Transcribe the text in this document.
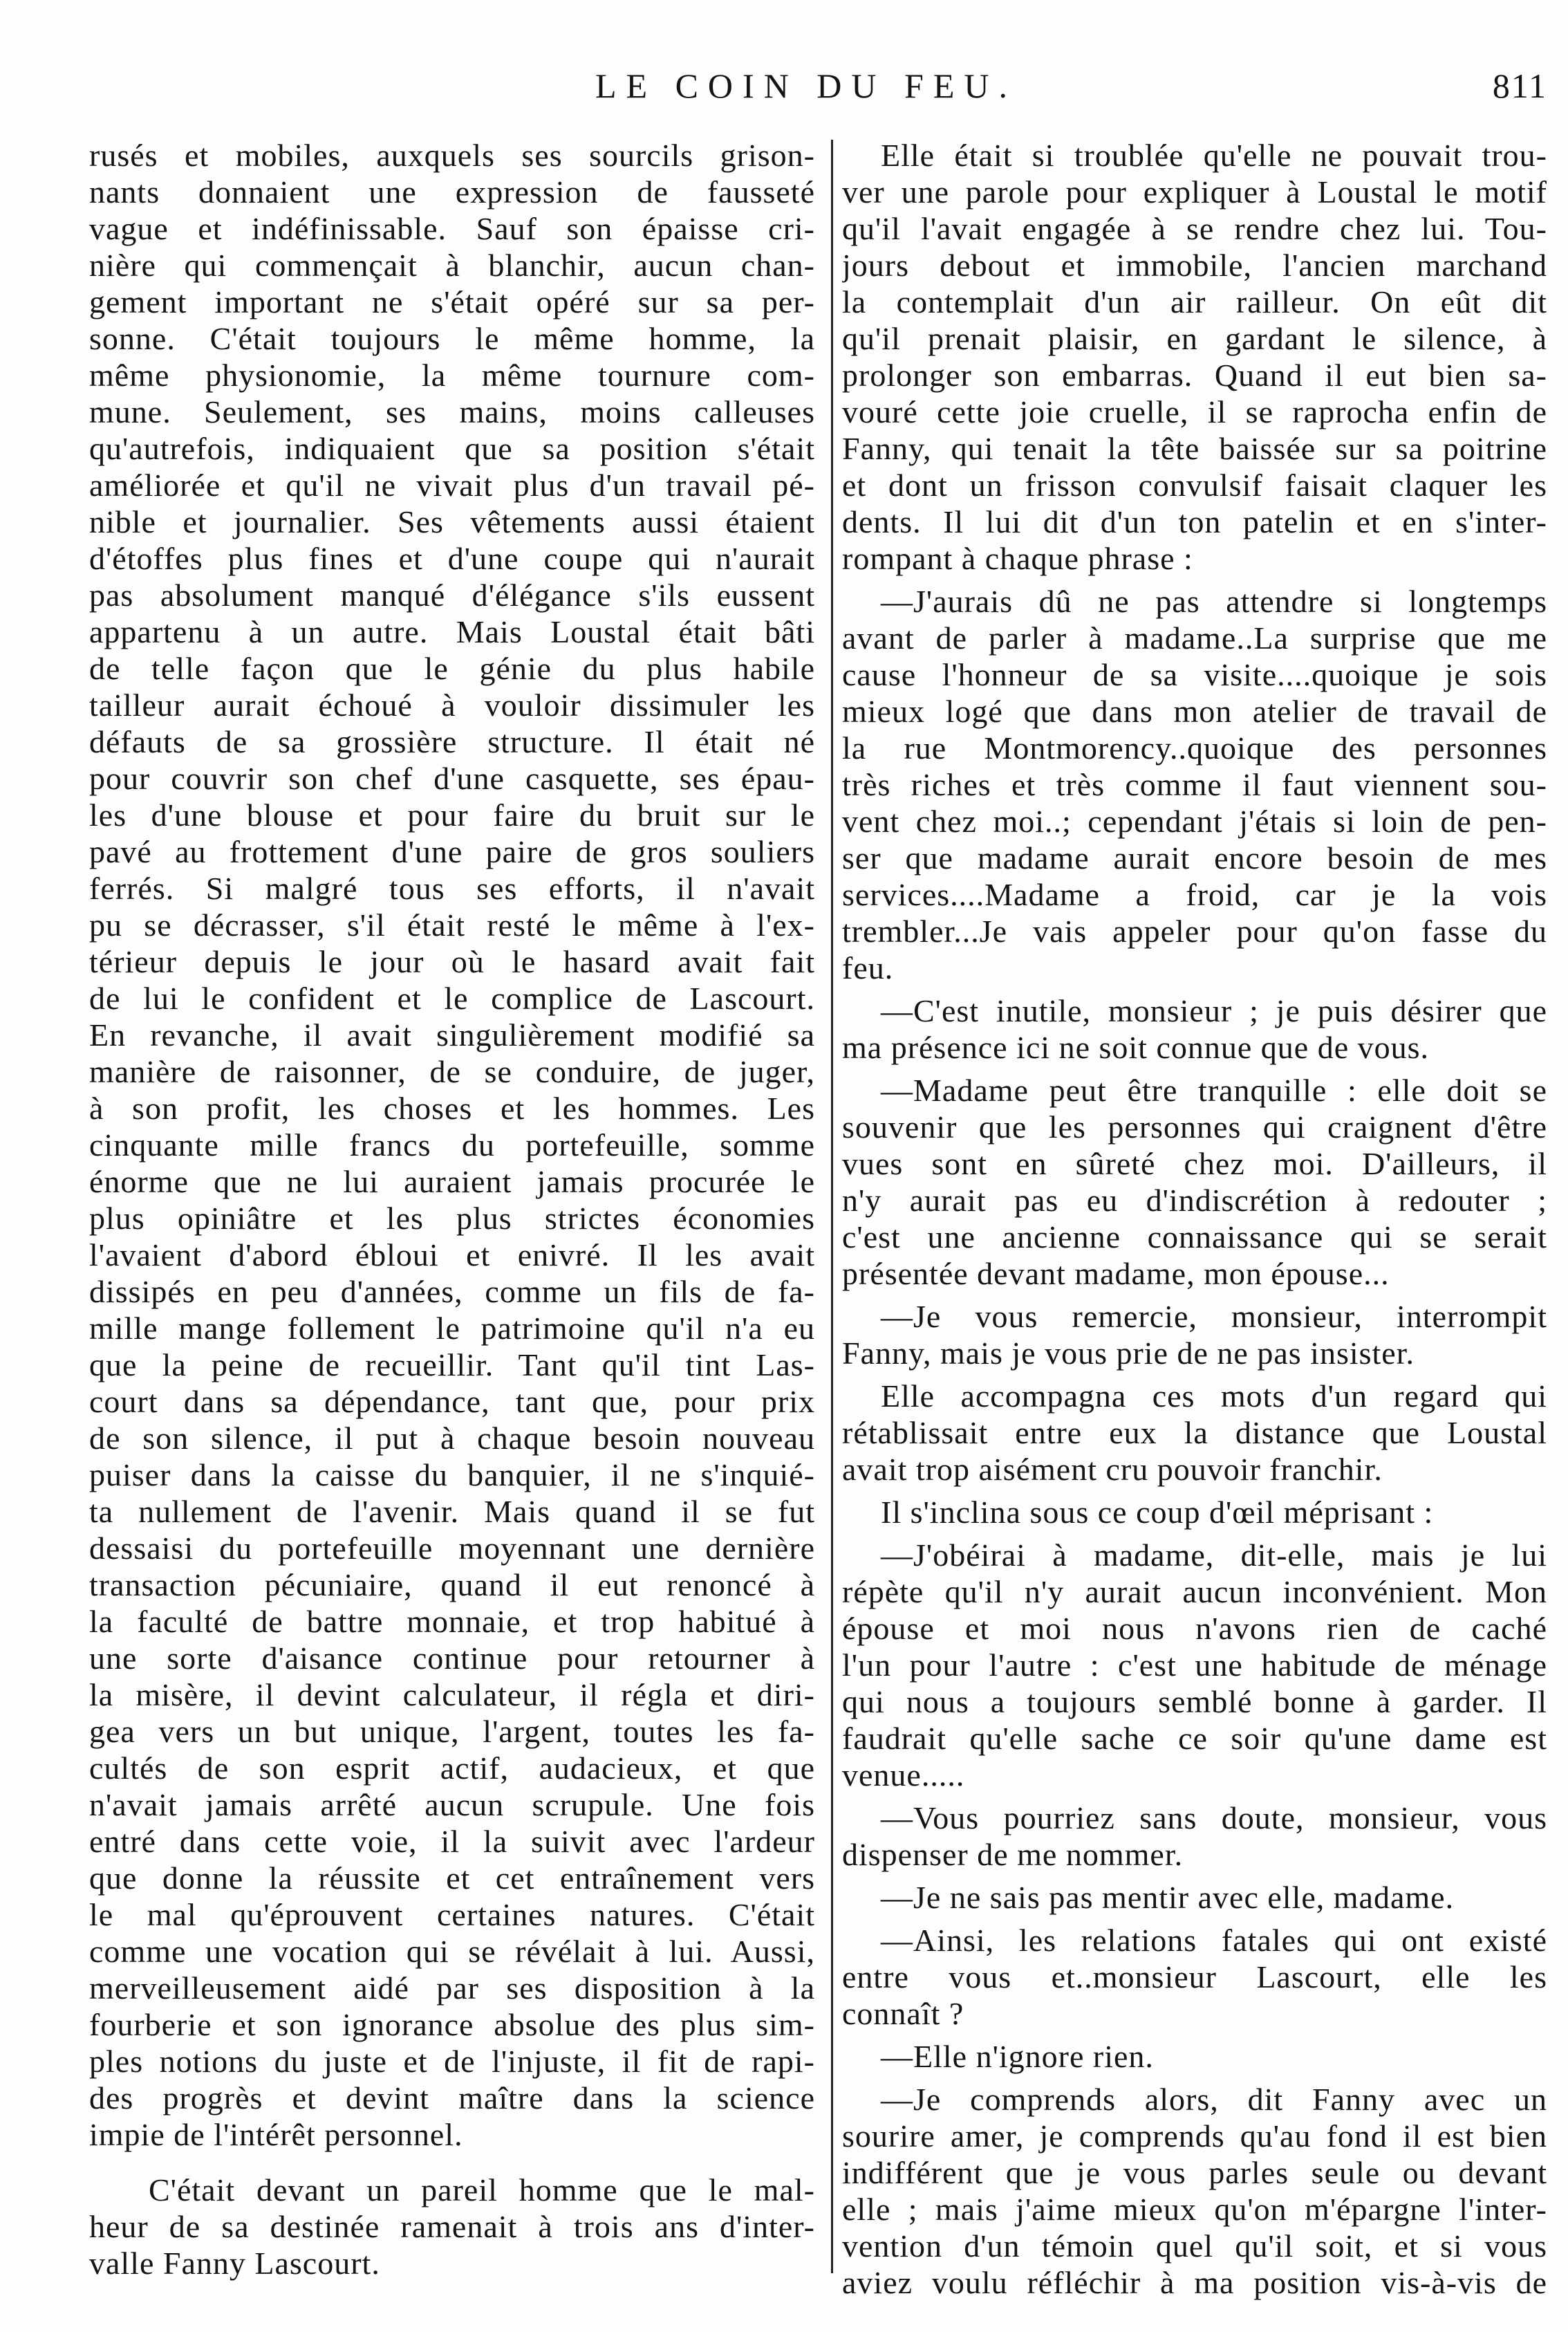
LE COIN DU FEU.	811
rusés et mobiles, auxquels ses sourcils grison-
nants donnaient une expression de fausseté
vague et indéfinissable. Sauf son épaisse cri-
nière qui commençait à blanchir, aucun chan-
gement important ne s'était opéré sur sa per-
sonne. C'était toujours le même homme, la
même physionomie, la même tournure com-
mune. Seulement, ses mains, moins calleuses
qu'autrefois, indiquaient que sa position s'était
améliorée et qu'il ne vivait plus d'un travail pé-
nible et journalier. Ses vêtements aussi étaient
d'étoffes plus fines et d'une coupe qui n'aurait
pas absolument manqué d'élégance s'ils eussent
appartenu à un autre. Mais Loustal était bâti
de telle façon que le génie du plus habile
tailleur aurait échoué à vouloir dissimuler les
défauts de sa grossière structure. Il était né
pour couvrir son chef d'une casquette, ses épau-
les d'une blouse et pour faire du bruit sur le
pavé au frottement d'une paire de gros souliers
ferrés. Si malgré tous ses efforts, il n'avait
pu se décrasser, s'il était resté le même à l'ex-
térieur depuis le jour où le hasard avait fait
de lui le confident et le complice de Lascourt.
En revanche, il avait singulièrement modifié sa
manière de raisonner, de se conduire, de juger,
à son profit, les choses et les hommes. Les
cinquante mille francs du portefeuille, somme
énorme que ne lui auraient jamais procurée le
plus opiniâtre et les plus strictes économies
l'avaient d'abord ébloui et enivré. Il les avait
dissipés en peu d'années, comme un fils de fa-
mille mange follement le patrimoine qu'il n'a eu
que la peine de recueillir. Tant qu'il tint Las-
court dans sa dépendance, tant que, pour prix
de son silence, il put à chaque besoin nouveau
puiser dans la caisse du banquier, il ne s'inquié-
ta nullement de l'avenir. Mais quand il se fut
dessaisi du portefeuille moyennant une dernière
transaction pécuniaire, quand il eut renoncé à
la faculté de battre monnaie, et trop habitué à
une sorte d'aisance continue pour retourner à
la misère, il devint calculateur, il régla et diri-
gea vers un but unique, l'argent, toutes les fa-
cultés de son esprit actif, audacieux, et que
n'avait jamais arrêté aucun scrupule. Une fois
entré dans cette voie, il la suivit avec l'ardeur
que donne la réussite et cet entraînement vers
le mal qu'éprouvent certaines natures. C'était
comme une vocation qui se révélait à lui. Aussi,
merveilleusement aidé par ses disposition à la
fourberie et son ignorance absolue des plus sim-
ples notions du juste et de l'injuste, il fit de rapi-
des progrès et devint maître dans la science
impie de l'intérêt personnel.
C'était devant un pareil homme que le mal-
heur de sa destinée ramenait à trois ans d'inter-
valle Fanny Lascourt.
Elle était si troublée qu'elle ne pouvait trou-
ver une parole pour expliquer à Loustal le motif
qu'il l'avait engagée à se rendre chez lui. Tou-
jours debout et immobile, l'ancien marchand
la contemplait d'un air railleur. On eût dit
qu'il prenait plaisir, en gardant le silence, à
prolonger son embarras. Quand il eut bien sa-
vouré cette joie cruelle, il se raprocha enfin de
Fanny, qui tenait la tête baissée sur sa poitrine
et dont un frisson convulsif faisait claquer les
dents. Il lui dit d'un ton patelin et en s'inter-
rompant à chaque phrase :
—J'aurais dû ne pas attendre si longtemps
avant de parler à madame..La surprise que me
cause l'honneur de sa visite....quoique je sois
mieux logé que dans mon atelier de travail de
la rue Montmorency..quoique des personnes
très riches et très comme il faut viennent sou-
vent chez moi..; cependant j'étais si loin de pen-
ser que madame aurait encore besoin de mes
services....Madame a froid, car je la vois
trembler...Je vais appeler pour qu'on fasse du
feu.
—C'est inutile, monsieur ; je puis désirer que
ma présence ici ne soit connue que de vous.
—Madame peut être tranquille : elle doit se
souvenir que les personnes qui craignent d'être
vues sont en sûreté chez moi. D'ailleurs, il
n'y aurait pas eu d'indiscrétion à redouter ;
c'est une ancienne connaissance qui se serait
présentée devant madame, mon épouse...
—Je vous remercie, monsieur, interrompit
Fanny, mais je vous prie de ne pas insister.
Elle accompagna ces mots d'un regard qui
rétablissait entre eux la distance que Loustal
avait trop aisément cru pouvoir franchir.
Il s'inclina sous ce coup d'œil méprisant :
—J'obéirai à madame, dit-elle, mais je lui
répète qu'il n'y aurait aucun inconvénient. Mon
épouse et moi nous n'avons rien de caché
l'un pour l'autre : c'est une habitude de ménage
qui nous a toujours semblé bonne à garder. Il
faudrait qu'elle sache ce soir qu'une dame est
venue.....
—Vous pourriez sans doute, monsieur, vous
dispenser de me nommer.
—Je ne sais pas mentir avec elle, madame.
—Ainsi, les relations fatales qui ont existé
entre vous et..monsieur Lascourt, elle les
connaît ?
—Elle n'ignore rien.
—Je comprends alors, dit Fanny avec un
sourire amer, je comprends qu'au fond il est bien
indifférent que je vous parles seule ou devant
elle ; mais j'aime mieux qu'on m'épargne l'inter-
vention d'un témoin quel qu'il soit, et si vous
aviez voulu réfléchir à ma position vis-à-vis de
